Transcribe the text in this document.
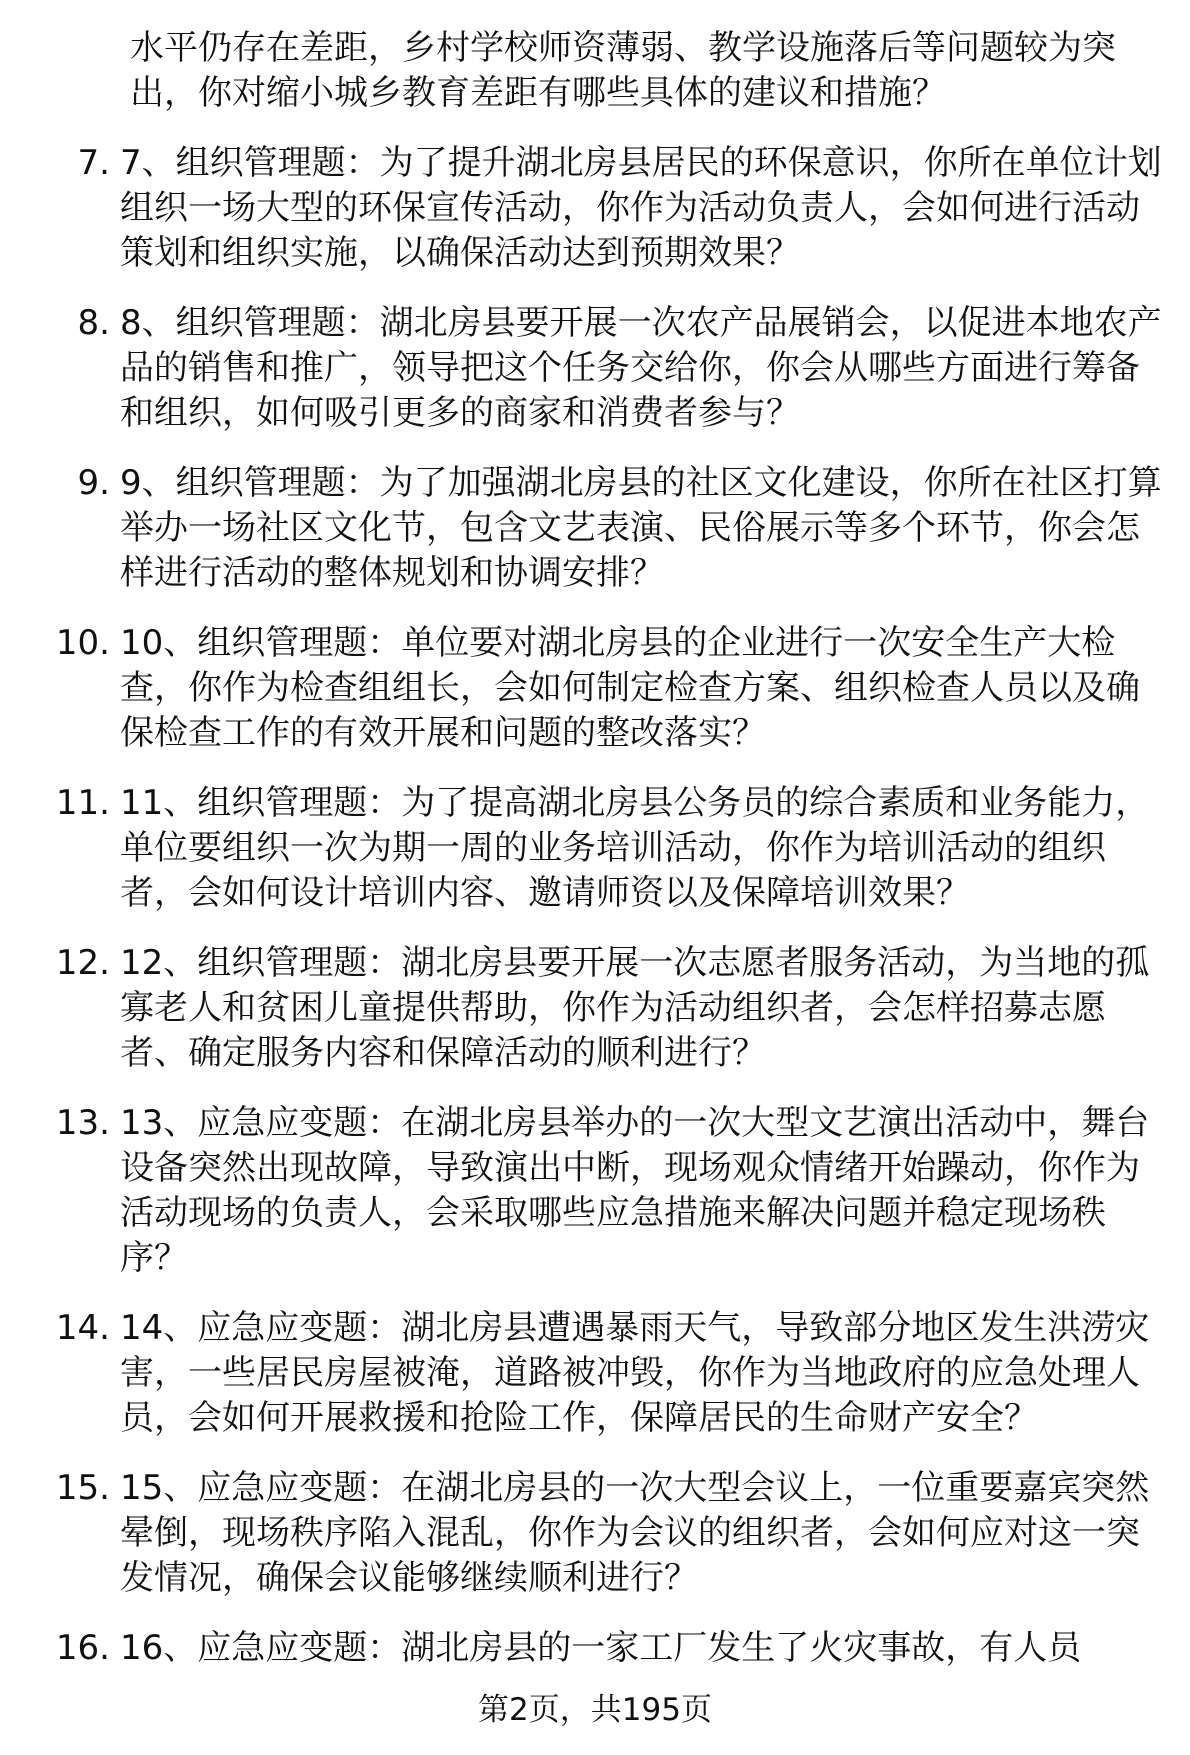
水平仍存在差距，乡村学校师资薄弱、教学设施落后等问题较为突出，你对缩小城乡教育差距有哪些具体的建议和措施？
7. 7、组织管理题：为了提升湖北房县居民的环保意识，你所在单位计划组织一场大型的环保宣传活动，你作为活动负责人，会如何进行活动策划和组织实施，以确保活动达到预期效果？
8. 8、组织管理题：湖北房县要开展一次农产品展销会，以促进本地农产品的销售和推广，领导把这个任务交给你，你会从哪些方面进行筹备和组织，如何吸引更多的商家和消费者参与？
9. 9、组织管理题：为了加强湖北房县的社区文化建设，你所在社区打算举办一场社区文化节，包含文艺表演、民俗展示等多个环节，你会怎样进行活动的整体规划和协调安排？
10. 10、组织管理题：单位要对湖北房县的企业进行一次安全生产大检查，你作为检查组组长，会如何制定检查方案、组织检查人员以及确保检查工作的有效开展和问题的整改落实？
11. 11、组织管理题：为了提高湖北房县公务员的综合素质和业务能力，单位要组织一次为期一周的业务培训活动，你作为培训活动的组织者，会如何设计培训内容、邀请师资以及保障培训效果？
12. 12、组织管理题：湖北房县要开展一次志愿者服务活动，为当地的孤寡老人和贫困儿童提供帮助，你作为活动组织者，会怎样招募志愿者、确定服务内容和保障活动的顺利进行？
13. 13、应急应变题：在湖北房县举办的一次大型文艺演出活动中，舞台设备突然出现故障，导致演出中断，现场观众情绪开始躁动，你作为活动现场的负责人，会采取哪些应急措施来解决问题并稳定现场秩序？
14. 14、应急应变题：湖北房县遭遇暴雨天气，导致部分地区发生洪涝灾害，一些居民房屋被淹，道路被冲毁，你作为当地政府的应急处理人员，会如何开展救援和抢险工作，保障居民的生命财产安全？
15. 15、应急应变题：在湖北房县的一次大型会议上，一位重要嘉宾突然晕倒，现场秩序陷入混乱，你作为会议的组织者，会如何应对这一突发情况，确保会议能够继续顺利进行？
16. 16、应急应变题：湖北房县的一家工厂发生了火灾事故，有人员
第2页，共195页
